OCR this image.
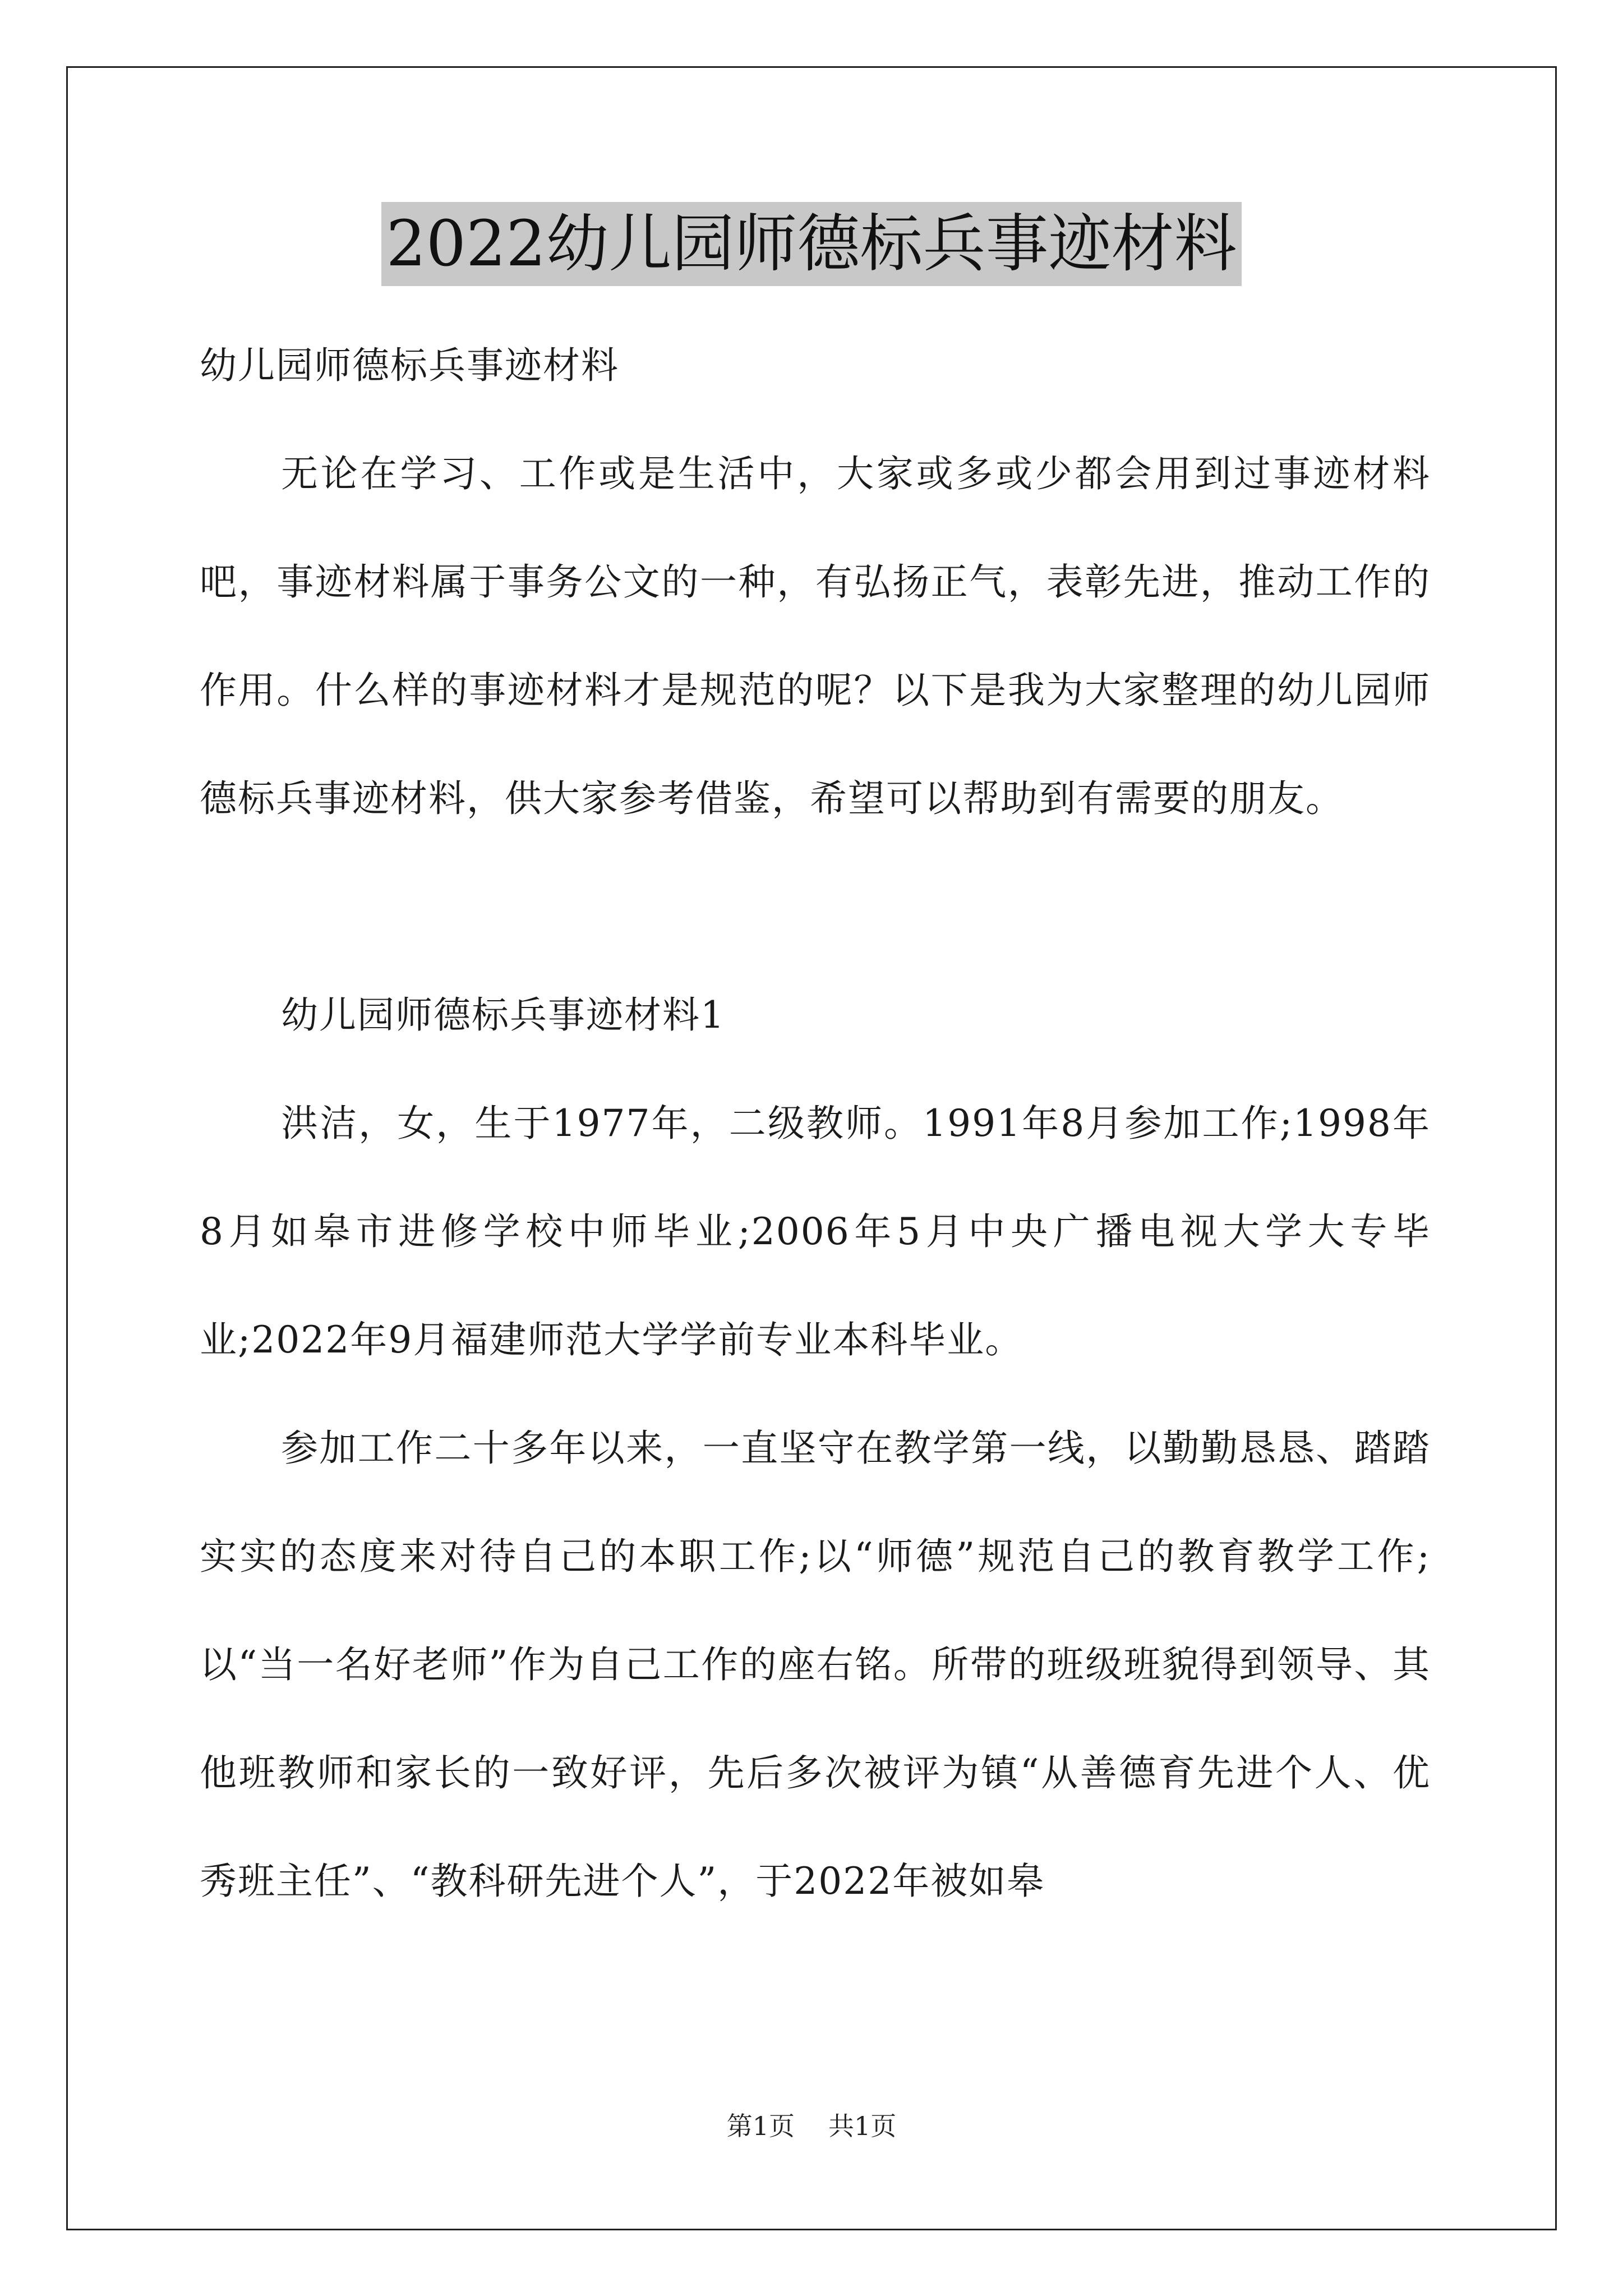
2022幼儿园师德标兵事迹材料

幼儿园师德标兵事迹材料

无论在学习、工作或是生活中，大家或多或少都会用到过事迹材料吧，事迹材料属于事务公文的一种，有弘扬正气，表彰先进，推动工作的作用。什么样的事迹材料才是规范的呢？以下是我为大家整理的幼儿园师德标兵事迹材料，供大家参考借鉴，希望可以帮助到有需要的朋友。

幼儿园师德标兵事迹材料1

洪洁，女，生于1977年，二级教师。1991年8月参加工作;1998年8月如皋市进修学校中师毕业;2006年5月中央广播电视大学大专毕业;2022年9月福建师范大学学前专业本科毕业。

参加工作二十多年以来，一直坚守在教学第一线，以勤勤恳恳、踏踏实实的态度来对待自己的本职工作;以“师德”规范自己的教育教学工作;以“当一名好老师”作为自己工作的座右铭。所带的班级班貌得到领导、其他班教师和家长的一致好评，先后多次被评为镇“从善德育先进个人、优秀班主任”、“教科研先进个人”，于2022年被如皋

第1页 共1页
